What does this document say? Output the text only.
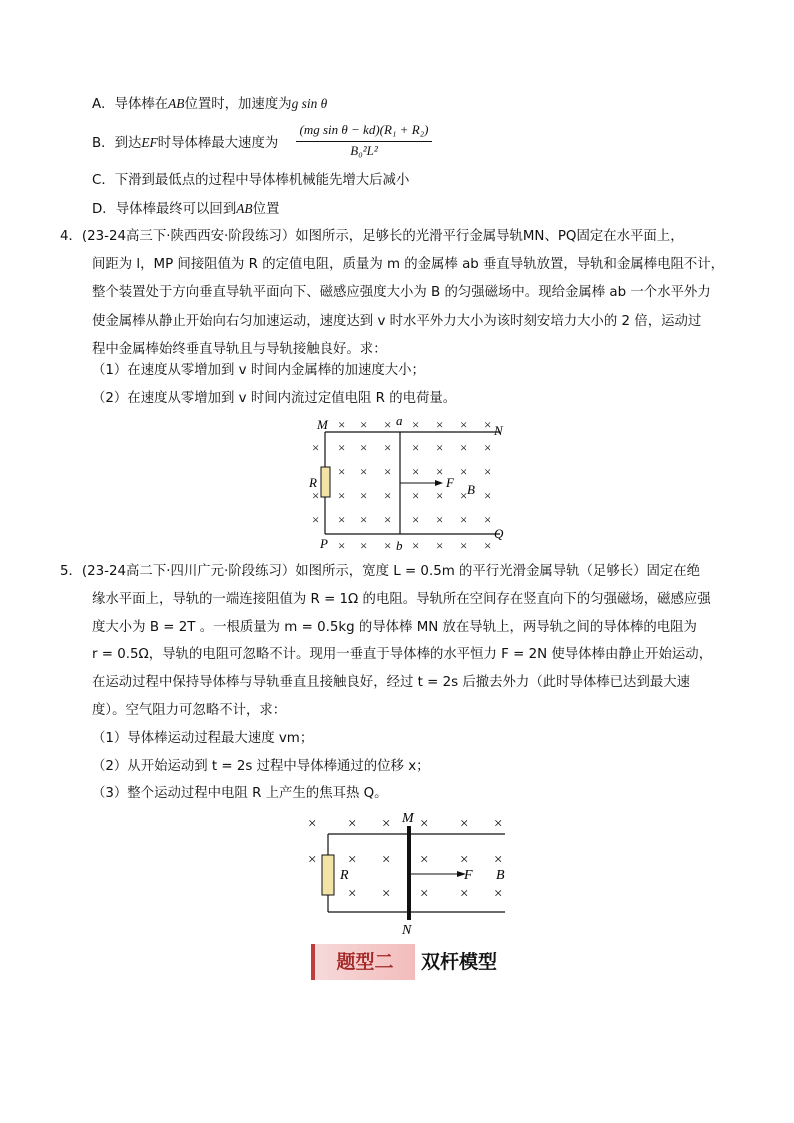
A．导体棒在AB位置时，加速度为g sin θ
B．到达EF时导体棒最大速度为
(mg sin θ − kd)(R₁ + R₂)
B₀²L²
C．下滑到最低点的过程中导体棒机械能先增大后减小
D．导体棒最终可以回到AB位置
4．(23-24高三下·陕西西安·阶段练习）如图所示，足够长的光滑平行金属导轨MN、PQ固定在水平面上，
间距为 l，MP 间接阻值为 R 的定值电阻，质量为 m 的金属棒 ab 垂直导轨放置，导轨和金属棒电阻不计，
整个装置处于方向垂直导轨平面向下、磁感应强度大小为 B 的匀强磁场中。现给金属棒 ab 一个水平外力
使金属棒从静止开始向右匀加速运动，速度达到 v 时水平外力大小为该时刻安培力大小的 2 倍，运动过
程中金属棒始终垂直导轨且与导轨接触良好。求：
（1）在速度从零增加到 v 时间内金属棒的加速度大小；
（2）在速度从零增加到 v 时间内流过定值电阻 R 的电荷量。
× × × × × × ×
× × × × × × × ×
× × × × × × ×
× × × × × × × ×
× × × × × × × ×
× × × × × × ×
M	N
P
Q
a
b
R	F B
5．(23-24高二下·四川广元·阶段练习）如图所示，宽度 L = 0.5m 的平行光滑金属导轨（足够长）固定在绝
缘水平面上，导轨的一端连接阻值为 R = 1Ω 的电阻。导轨所在空间存在竖直向下的匀强磁场，磁感应强
度大小为 B = 2T 。一根质量为 m = 0.5kg 的导体棒 MN 放在导轨上，两导轨之间的导体棒的电阻为
r = 0.5Ω，导轨的电阻可忽略不计。现用一垂直于导体棒的水平恒力 F = 2N 使导体棒由静止开始运动，
在运动过程中保持导体棒与导轨垂直且接触良好，经过 t = 2s 后撤去外力（此时导体棒已达到最大速
度）。空气阻力可忽略不计，求：
（1）导体棒运动过程最大速度 vm；
（2）从开始运动到 t = 2s 过程中导体棒通过的位移 x；
（3）整个运动过程中电阻 R 上产生的焦耳热 Q。
× × × × × ×
× × × × × ×
× × × × ×
M
N
R	F B
题型二	双杆模型
